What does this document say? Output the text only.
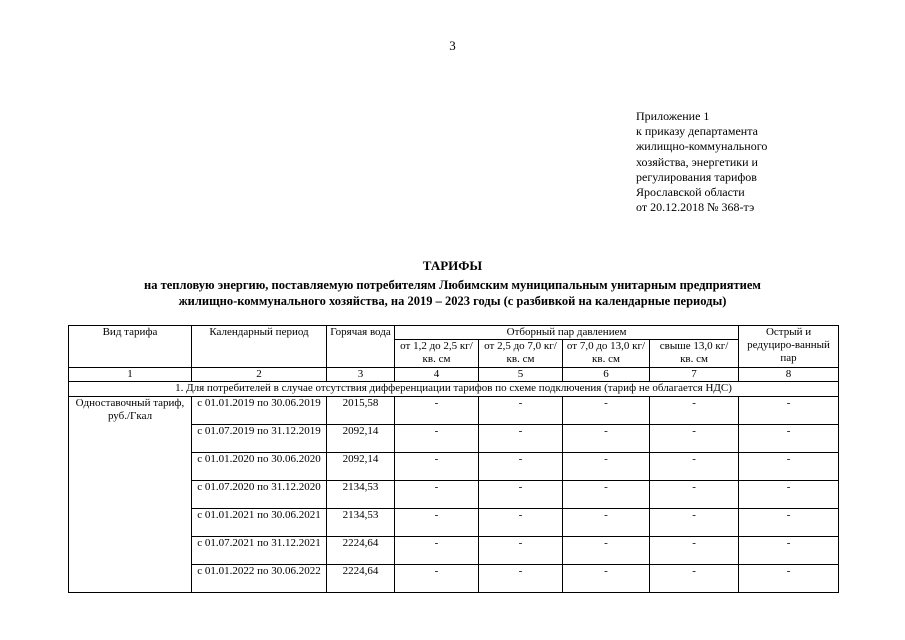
3
Приложение 1
к приказу департамента
жилищно-коммунального
хозяйства, энергетики и
регулирования тарифов
Ярославской области
от 20.12.2018 № 368-тэ
ТАРИФЫ
на тепловую энергию, поставляемую потребителям Любимским муниципальным унитарным предприятием
жилищно-коммунального хозяйства, на 2019 – 2023 годы (с разбивкой на календарные периоды)
Вид тарифа	Календарный период	Горячая вода	Отборный пар давлением				Острый и редуциро-ванный пар
			от 1,2 до 2,5 кг/ кв. см	от 2,5 до 7,0 кг/ кв. см	от 7,0 до 13,0 кг/ кв. см	свыше 13,0 кг/ кв. см	
1	2	3	4	5	6	7	8
1. Для потребителей в случае отсутствия дифференциации тарифов по схеме подключения (тариф не облагается НДС)							
Одноставочный тариф, руб./Гкал	с 01.01.2019 по 30.06.2019	2015,58	-	-	-	-	-
	с 01.07.2019 по 31.12.2019	2092,14	-	-	-	-	-
	с 01.01.2020 по 30.06.2020	2092,14	-	-	-	-	-
	с 01.07.2020 по 31.12.2020	2134,53	-	-	-	-	-
	с 01.01.2021 по 30.06.2021	2134,53	-	-	-	-	-
	с 01.07.2021 по 31.12.2021	2224,64	-	-	-	-	-
	с 01.01.2022 по 30.06.2022	2224,64	-	-	-	-	-
